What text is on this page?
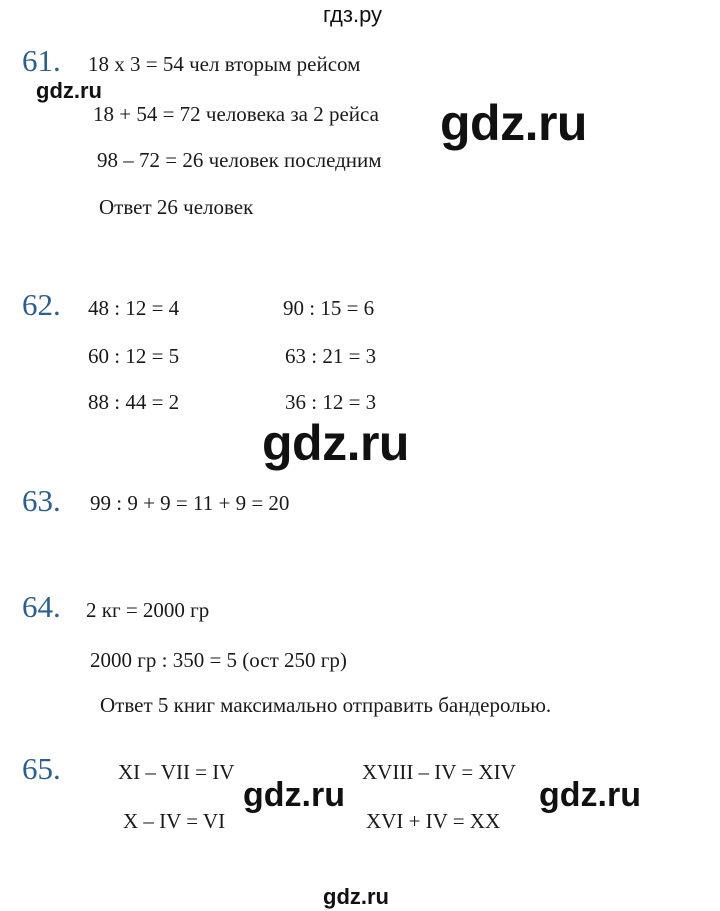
гдз.ру
61. 18 х 3 = 54 чел вторым рейсом
18 + 54 = 72 человека за 2 рейса
98 – 72 = 26 человек последним
Ответ 26 человек
62. 48 : 12 = 4	90 : 15 = 6
60 : 12 = 5	63 : 21 = 3
88 : 44 = 2	36 : 12 = 3
63. 99 : 9 + 9 = 11 + 9 = 20
64. 2 кг = 2000 гр
2000 гр : 350 = 5 (ост 250 гр)
Ответ 5 книг максимально отправить бандеролью.
65.	XI – VII = IV	XVIII – IV = XIV
X – IV = VI	XVI + IV = XX
gdz.ru
gdz.ru
gdz.ru
gdz.ru	gdz.ru
gdz.ru
